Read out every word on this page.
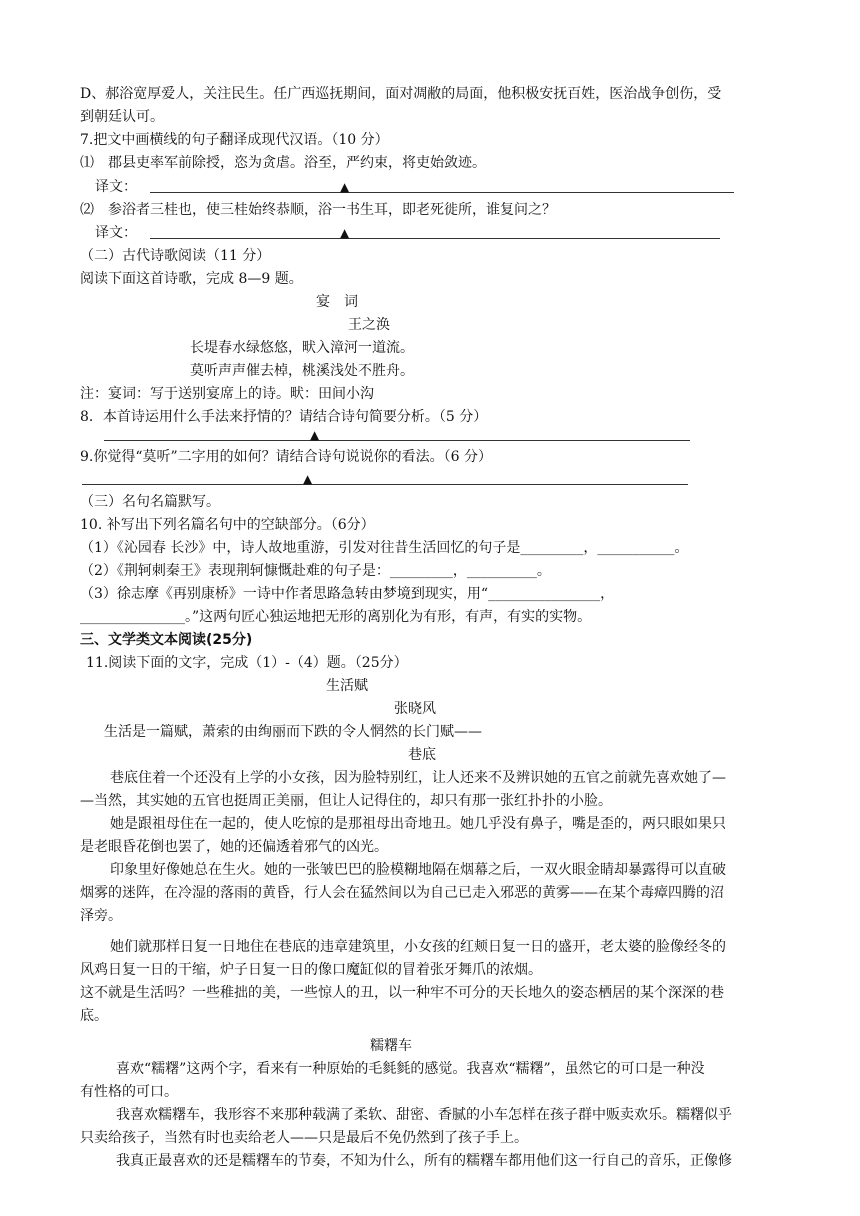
D、郝浴宽厚爱人，关注民生。任广西巡抚期间，面对凋敝的局面，他积极安抚百姓，医治战争创伤，受
到朝廷认可。
7.把文中画横线的句子翻译成现代汉语。（10 分）
⑴　郡县吏率军前除授，恣为贪虐。浴至，严约束，将吏始敛迹。
译文：	▲
⑵　参浴者三桂也，使三桂始终恭顺，浴一书生耳，即老死徙所，谁复问之？
译文：	▲
（二）古代诗歌阅读（11 分）
阅读下面这首诗歌，完成 8—9 题。
宴　词
王之涣
长堤春水绿悠悠，畎入漳河一道流。
莫听声声催去棹，桃溪浅处不胜舟。
注：宴词：写于送别宴席上的诗。畎：田间小沟
8．本首诗运用什么手法来抒情的？请结合诗句简要分析。（5 分）
▲
9.你觉得“莫听”二字用的如何？请结合诗句说说你的看法。（6 分）
▲
（三）名句名篇默写。
10. 补写出下列名篇名句中的空缺部分。（6分）
（1）《沁园春 长沙》中，诗人故地重游，引发对往昔生活回忆的句子是_________，___________。
（2）《荆轲刺秦王》表现荆轲慷慨赴难的句子是：_________，__________。
（3）徐志摩《再别康桥》一诗中作者思路急转由梦境到现实，用“________________，
_______________。”这两句匠心独运地把无形的离别化为有形，有声，有实的实物。
三、文学类文本阅读(25分)
11.阅读下面的文字，完成（1）-（4）题。（25分）
生活赋
张晓风
生活是一篇赋，萧索的由绚丽而下跌的令人惘然的长门赋——
巷底
巷底住着一个还没有上学的小女孩，因为脸特别红，让人还来不及辨识她的五官之前就先喜欢她了—
—当然，其实她的五官也挺周正美丽，但让人记得住的，却只有那一张红扑扑的小脸。
她是跟祖母住在一起的，使人吃惊的是那祖母出奇地丑。她几乎没有鼻子，嘴是歪的，两只眼如果只
是老眼昏花倒也罢了，她的还偏透着邪气的凶光。
印象里好像她总在生火。她的一张皱巴巴的脸模糊地隔在烟幕之后，一双火眼金睛却暴露得可以直破
烟雾的迷阵，在冷湿的落雨的黄昏，行人会在猛然间以为自己已走入邪恶的黄雾——在某个毒瘴四腾的沼
泽旁。
她们就那样日复一日地住在巷底的违章建筑里，小女孩的红颊日复一日的盛开，老太婆的脸像经冬的
风鸡日复一日的干缩，炉子日复一日的像口魔缸似的冒着张牙舞爪的浓烟。
这不就是生活吗？一些稚拙的美，一些惊人的丑，以一种牢不可分的天长地久的姿态栖居的某个深深的巷
底。
糯糬车
喜欢“糯糬”这两个字，看来有一种原始的毛毵毵的感觉。我喜欢“糯糬”，虽然它的可口是一种没
有性格的可口。
我喜欢糯糬车，我形容不来那种载满了柔软、甜密、香腻的小车怎样在孩子群中贩卖欢乐。糯糬似乎
只卖给孩子，当然有时也卖给老人——只是最后不免仍然到了孩子手上。
我真正最喜欢的还是糯糬车的节奏，不知为什么，所有的糯糬车都用他们这一行自己的音乐，正像修
